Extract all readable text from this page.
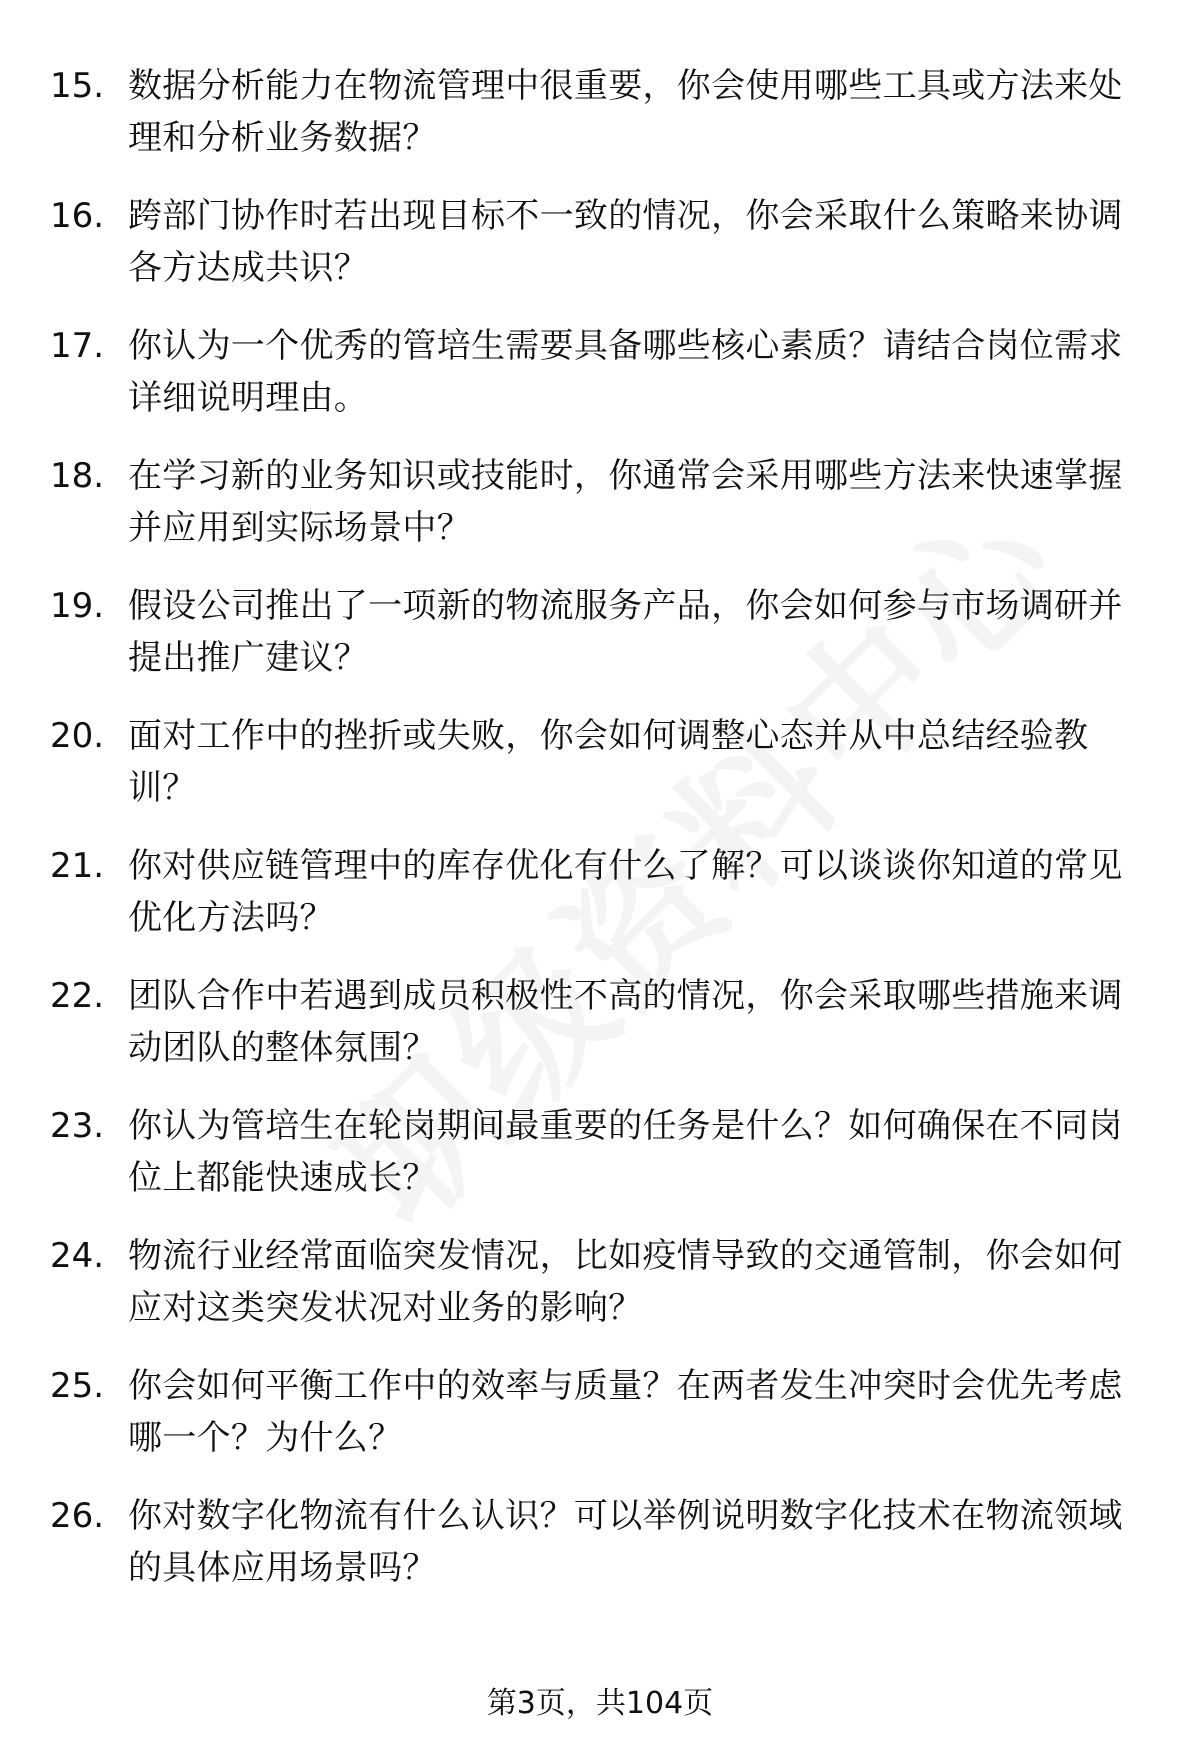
15. 数据分析能力在物流管理中很重要，你会使用哪些工具或方法来处理和分析业务数据？
16. 跨部门协作时若出现目标不一致的情况，你会采取什么策略来协调各方达成共识？
17. 你认为一个优秀的管培生需要具备哪些核心素质？请结合岗位需求详细说明理由。
18. 在学习新的业务知识或技能时，你通常会采用哪些方法来快速掌握并应用到实际场景中？
19. 假设公司推出了一项新的物流服务产品，你会如何参与市场调研并提出推广建议？
20. 面对工作中的挫折或失败，你会如何调整心态并从中总结经验教训？
21. 你对供应链管理中的库存优化有什么了解？可以谈谈你知道的常见优化方法吗？
22. 团队合作中若遇到成员积极性不高的情况，你会采取哪些措施来调动团队的整体氛围？
23. 你认为管培生在轮岗期间最重要的任务是什么？如何确保在不同岗位上都能快速成长？
24. 物流行业经常面临突发情况，比如疫情导致的交通管制，你会如何应对这类突发状况对业务的影响？
25. 你会如何平衡工作中的效率与质量？在两者发生冲突时会优先考虑哪一个？为什么？
26. 你对数字化物流有什么认识？可以举例说明数字化技术在物流领域的具体应用场景吗？
第3页，共104页
